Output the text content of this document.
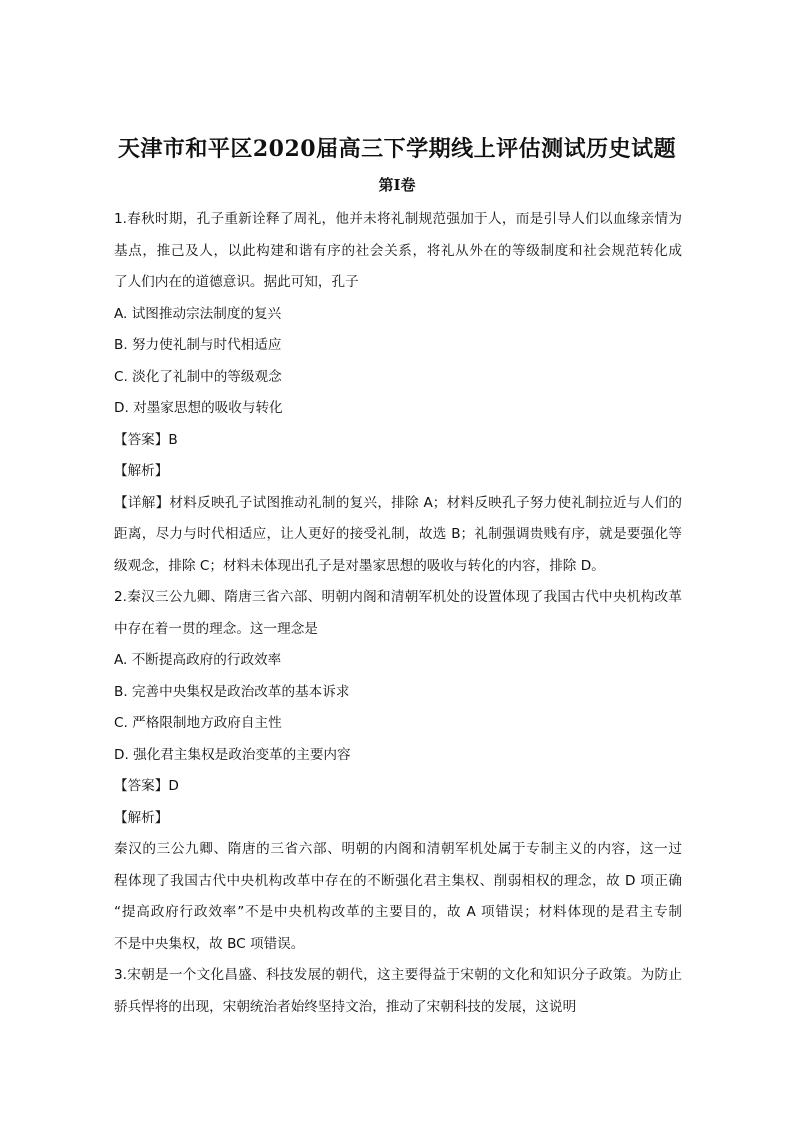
天津市和平区2020届高三下学期线上评估测试历史试题
第Ⅰ卷
1.春秋时期，孔子重新诠释了周礼，他并未将礼制规范强加于人，而是引导人们以血缘亲情为
基点，推己及人，以此构建和谐有序的社会关系，将礼从外在的等级制度和社会规范转化成
了人们内在的道德意识。据此可知，孔子
A. 试图推动宗法制度的复兴
B. 努力使礼制与时代相适应
C. 淡化了礼制中的等级观念
D. 对墨家思想的吸收与转化
【答案】B
【解析】
【详解】材料反映孔子试图推动礼制的复兴，排除 A；材料反映孔子努力使礼制拉近与人们的
距离，尽力与时代相适应，让人更好的接受礼制，故选 B；礼制强调贵贱有序，就是要强化等
级观念，排除 C；材料未体现出孔子是对墨家思想的吸收与转化的内容，排除 D。
2.秦汉三公九卿、隋唐三省六部、明朝内阁和清朝军机处的设置体现了我国古代中央机构改革
中存在着一贯的理念。这一理念是
A. 不断提高政府的行政效率
B. 完善中央集权是政治改革的基本诉求
C. 严格限制地方政府自主性
D. 强化君主集权是政治变革的主要内容
【答案】D
【解析】
秦汉的三公九卿、隋唐的三省六部、明朝的内阁和清朝军机处属于专制主义的内容，这一过
程体现了我国古代中央机构改革中存在的不断强化君主集权、削弱相权的理念，故 D 项正确
“提高政府行政效率”不是中央机构改革的主要目的，故 A 项错误；材料体现的是君主专制
不是中央集权，故 BC 项错误。
3.宋朝是一个文化昌盛、科技发展的朝代，这主要得益于宋朝的文化和知识分子政策。为防止
骄兵悍将的出现，宋朝统治者始终坚持文治，推动了宋朝科技的发展，这说明
